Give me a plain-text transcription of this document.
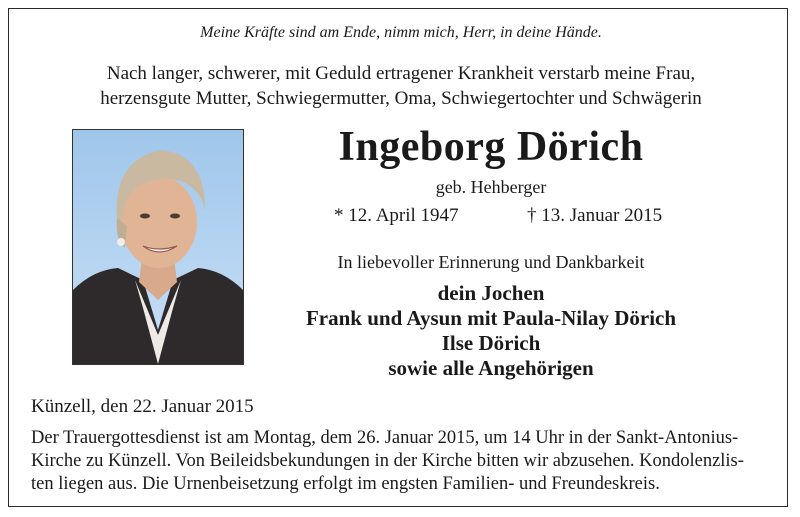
Meine Kräfte sind am Ende, nimm mich, Herr, in deine Hände.
Nach langer, schwerer, mit Geduld ertragener Krankheit verstarb meine Frau,
herzensgute Mutter, Schwiegermutter, Oma, Schwiegertochter und Schwägerin
Ingeborg Dörich
geb. Hehberger
* 12. April 1947	† 13. Januar 2015
In liebevoller Erinnerung und Dankbarkeit
dein Jochen
Frank und Aysun mit Paula-Nilay Dörich
Ilse Dörich
sowie alle Angehörigen
Künzell, den 22. Januar 2015
Der Trauergottesdienst ist am Montag, dem 26. Januar 2015, um 14 Uhr in der Sankt-Antonius-
Kirche zu Künzell. Von Beileidsbekundungen in der Kirche bitten wir abzusehen. Kondolenzlis-
ten liegen aus. Die Urnenbeisetzung erfolgt im engsten Familien- und Freundeskreis.
